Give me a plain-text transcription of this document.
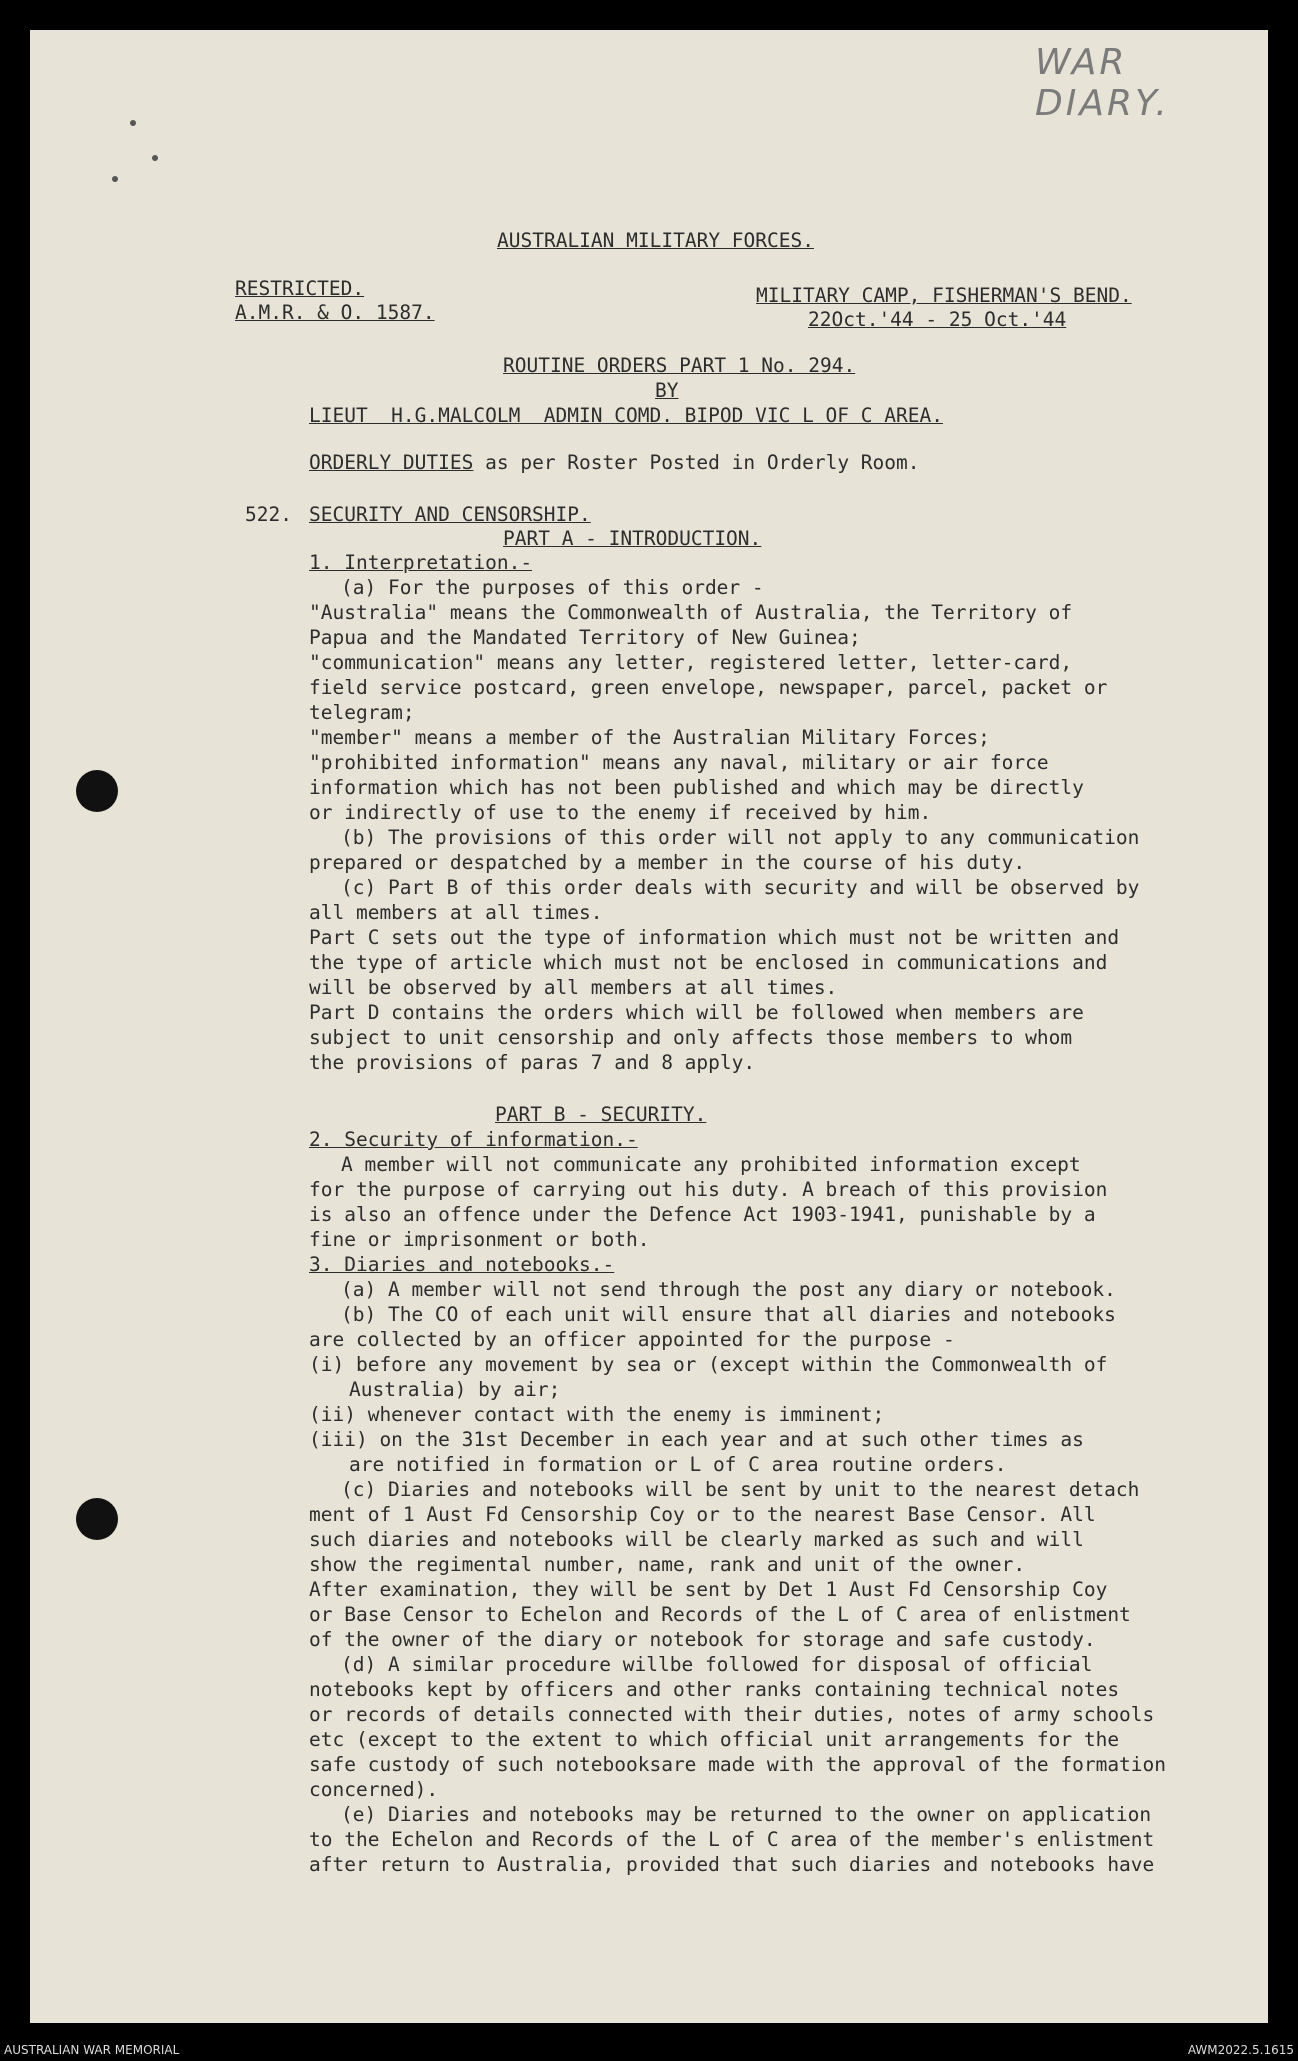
WAR DIARY.
AUSTRALIAN MILITARY FORCES.
RESTRICTED.
A.M.R. & O. 1587.
MILITARY CAMP, FISHERMAN'S BEND.
22Oct.'44 - 25 Oct.'44
ROUTINE ORDERS PART 1 No. 294.
BY
LIEUT  H.G.MALCOLM  ADMIN COMD. BIPOD VIC L OF C AREA.
ORDERLY DUTIES as per Roster Posted in Orderly Room.
522. SECURITY AND CENSORSHIP.
PART A - INTRODUCTION.
1. Interpretation.-
(a) For the purposes of this order -
"Australia" means the Commonwealth of Australia, the Territory of
Papua and the Mandated Territory of New Guinea;
"communication" means any letter, registered letter, letter-card,
field service postcard, green envelope, newspaper, parcel, packet or
telegram;
"member" means a member of the Australian Military Forces;
"prohibited information" means any naval, military or air force
information which has not been published and which may be directly
or indirectly of use to the enemy if received by him.
(b) The provisions of this order will not apply to any communication
prepared or despatched by a member in the course of his duty.
(c) Part B of this order deals with security and will be observed by
all members at all times.
Part C sets out the type of information which must not be written and
the type of article which must not be enclosed in communications and
will be observed by all members at all times.
Part D contains the orders which will be followed when members are
subject to unit censorship and only affects those members to whom
the provisions of paras 7 and 8 apply.
PART B - SECURITY.
2. Security of information.-
A member will not communicate any prohibited information except
for the purpose of carrying out his duty. A breach of this provision
is also an offence under the Defence Act 1903-1941, punishable by a
fine or imprisonment or both.
3. Diaries and notebooks.-
(a) A member will not send through the post any diary or notebook.
(b) The CO of each unit will ensure that all diaries and notebooks
are collected by an officer appointed for the purpose -
(i) before any movement by sea or (except within the Commonwealth of
Australia) by air;
(ii) whenever contact with the enemy is imminent;
(iii) on the 31st December in each year and at such other times as
are notified in formation or L of C area routine orders.
(c) Diaries and notebooks will be sent by unit to the nearest detach
ment of 1 Aust Fd Censorship Coy or to the nearest Base Censor. All
such diaries and notebooks will be clearly marked as such and will
show the regimental number, name, rank and unit of the owner.
After examination, they will be sent by Det 1 Aust Fd Censorship Coy
or Base Censor to Echelon and Records of the L of C area of enlistment
of the owner of the diary or notebook for storage and safe custody.
(d) A similar procedure willbe followed for disposal of official
notebooks kept by officers and other ranks containing technical notes
or records of details connected with their duties, notes of army schools
etc (except to the extent to which official unit arrangements for the
safe custody of such notebooksare made with the approval of the formation
concerned).
(e) Diaries and notebooks may be returned to the owner on application
to the Echelon and Records of the L of C area of the member's enlistment
after return to Australia, provided that such diaries and notebooks have
AUSTRALIAN WAR MEMORIAL	AWM2022.5.1615
